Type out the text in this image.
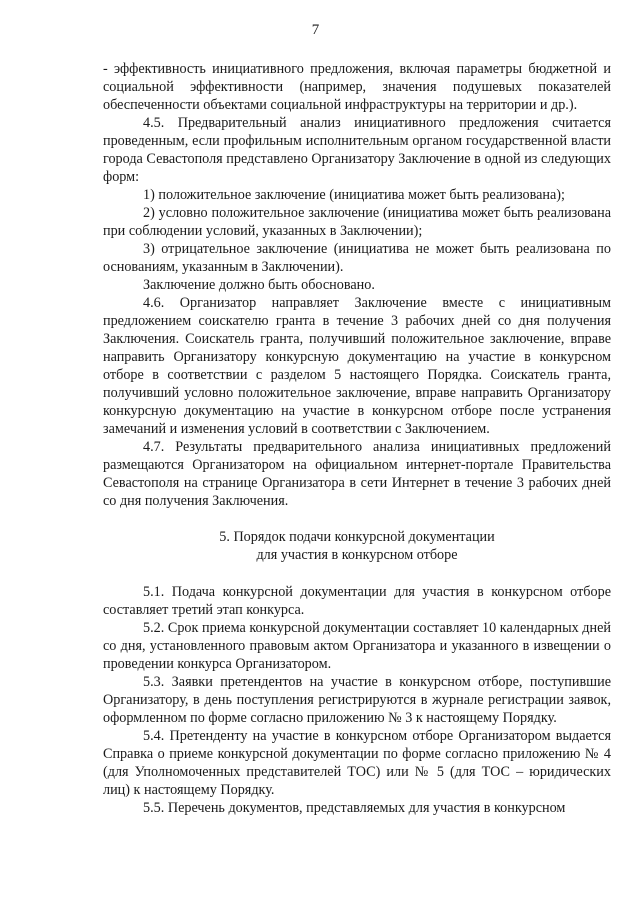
7

- эффективность инициативного предложения, включая параметры бюджетной и социальной эффективности (например, значения подушевых показателей обеспеченности объектами социальной инфраструктуры на территории и др.).

4.5. Предварительный анализ инициативного предложения считается проведенным, если профильным исполнительным органом государственной власти города Севастополя представлено Организатору Заключение в одной из следующих форм:

1) положительное заключение (инициатива может быть реализована);

2) условно положительное заключение (инициатива может быть реализована при соблюдении условий, указанных в Заключении);

3) отрицательное заключение (инициатива не может быть реализована по основаниям, указанным в Заключении).

Заключение должно быть обосновано.

4.6. Организатор направляет Заключение вместе с инициативным предложением соискателю гранта в течение 3 рабочих дней со дня получения Заключения. Соискатель гранта, получивший положительное заключение, вправе направить Организатору конкурсную документацию на участие в конкурсном отборе в соответствии с разделом 5 настоящего Порядка. Соискатель гранта, получивший условно положительное заключение, вправе направить Организатору конкурсную документацию на участие в конкурсном отборе после устранения замечаний и изменения условий в соответствии с Заключением.

4.7. Результаты предварительного анализа инициативных предложений размещаются Организатором на официальном интернет-портале Правительства Севастополя на странице Организатора в сети Интернет в течение 3 рабочих дней со дня получения Заключения.

5. Порядок подачи конкурсной документации

для участия в конкурсном отборе

5.1. Подача конкурсной документации для участия в конкурсном отборе составляет третий этап конкурса.

5.2. Срок приема конкурсной документации составляет 10 календарных дней со дня, установленного правовым актом Организатора и указанного в извещении о проведении конкурса Организатором.

5.3. Заявки претендентов на участие в конкурсном отборе, поступившие Организатору, в день поступления регистрируются в журнале регистрации заявок, оформленном по форме согласно приложению № 3 к настоящему Порядку.

5.4. Претенденту на участие в конкурсном отборе Организатором выдается Справка о приеме конкурсной документации по форме согласно приложению № 4 (для Уполномоченных представителей ТОС) или № 5 (для ТОС – юридических лиц) к настоящему Порядку.

5.5. Перечень документов, представляемых для участия в конкурсном
